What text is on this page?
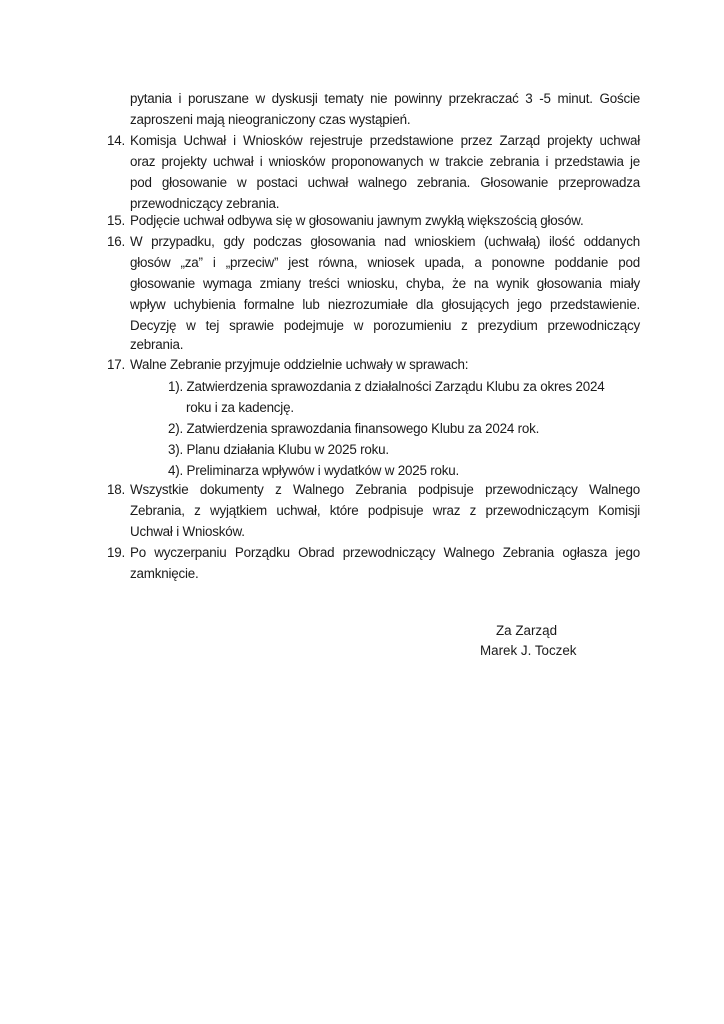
pytania i poruszane w dyskusji tematy nie powinny przekraczać 3 -5 minut. Goście
zaproszeni mają nieograniczony czas wystąpień.
14. Komisja Uchwał i Wniosków rejestruje przedstawione przez Zarząd projekty uchwał
oraz projekty uchwał i wniosków proponowanych w trakcie zebrania i przedstawia je
pod głosowanie w postaci uchwał walnego zebrania. Głosowanie przeprowadza
przewodniczący zebrania.
15. Podjęcie uchwał odbywa się w głosowaniu jawnym zwykłą większością głosów.
16. W przypadku, gdy podczas głosowania nad wnioskiem (uchwałą) ilość oddanych
głosów „za” i „przeciw” jest równa, wniosek upada, a ponowne poddanie pod
głosowanie wymaga zmiany treści wniosku, chyba, że na wynik głosowania miały
wpływ uchybienia formalne lub niezrozumiałe dla głosujących jego przedstawienie.
Decyzję w tej sprawie podejmuje w porozumieniu z prezydium przewodniczący
zebrania.
17. Walne Zebranie przyjmuje oddzielnie uchwały w sprawach:
1). Zatwierdzenia sprawozdania z działalności Zarządu Klubu za okres 2024
roku i za kadencję.
2). Zatwierdzenia sprawozdania finansowego Klubu za 2024 rok.
3). Planu działania Klubu w 2025 roku.
4). Preliminarza wpływów i wydatków w 2025 roku.
18. Wszystkie dokumenty z Walnego Zebrania podpisuje przewodniczący Walnego
Zebrania, z wyjątkiem uchwał, które podpisuje wraz z przewodniczącym Komisji
Uchwał i Wniosków.
19. Po wyczerpaniu Porządku Obrad przewodniczący Walnego Zebrania ogłasza jego
zamknięcie.
Za Zarząd
Marek J. Toczek
